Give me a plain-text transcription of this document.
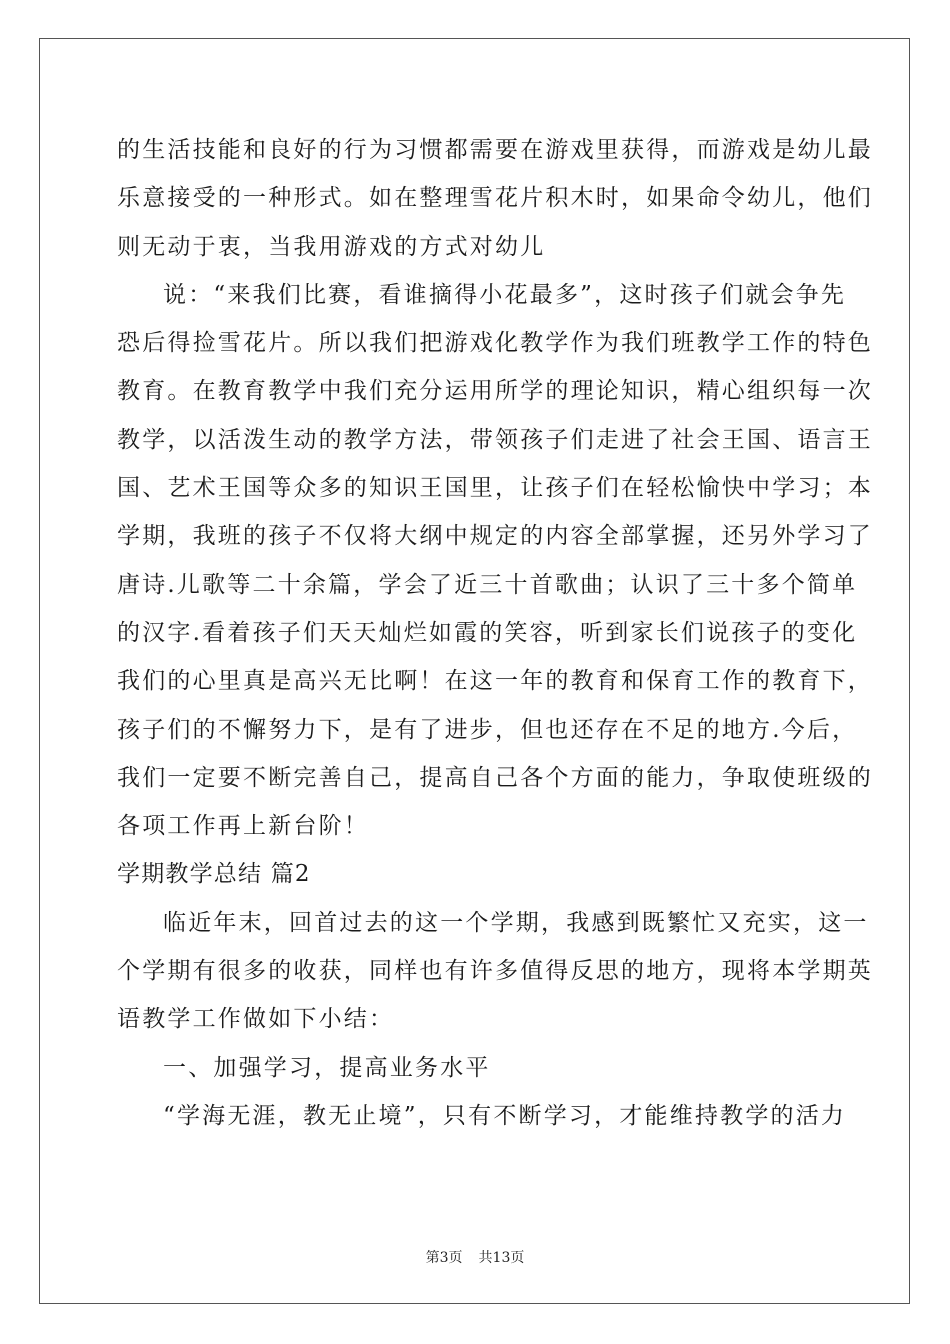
的生活技能和良好的行为习惯都需要在游戏里获得，而游戏是幼儿最
乐意接受的一种形式。如在整理雪花片积木时，如果命令幼儿，他们
则无动于衷，当我用游戏的方式对幼儿
说：“来我们比赛，看谁摘得小花最多”，这时孩子们就会争先
恐后得捡雪花片。所以我们把游戏化教学作为我们班教学工作的特色
教育。在教育教学中我们充分运用所学的理论知识，精心组织每一次
教学，以活泼生动的教学方法，带领孩子们走进了社会王国、语言王
国、艺术王国等众多的知识王国里，让孩子们在轻松愉快中学习；本
学期，我班的孩子不仅将大纲中规定的内容全部掌握，还另外学习了
唐诗.儿歌等二十余篇，学会了近三十首歌曲；认识了三十多个简单
的汉字.看着孩子们天天灿烂如霞的笑容，听到家长们说孩子的变化
我们的心里真是高兴无比啊！在这一年的教育和保育工作的教育下，
孩子们的不懈努力下，是有了进步，但也还存在不足的地方.今后，
我们一定要不断完善自己，提高自己各个方面的能力，争取使班级的
各项工作再上新台阶！
学期教学总结 篇2
临近年末，回首过去的这一个学期，我感到既繁忙又充实，这一
个学期有很多的收获，同样也有许多值得反思的地方，现将本学期英
语教学工作做如下小结：
一、加强学习，提高业务水平
“学海无涯，教无止境”，只有不断学习，才能维持教学的活力
第3页 共13页
